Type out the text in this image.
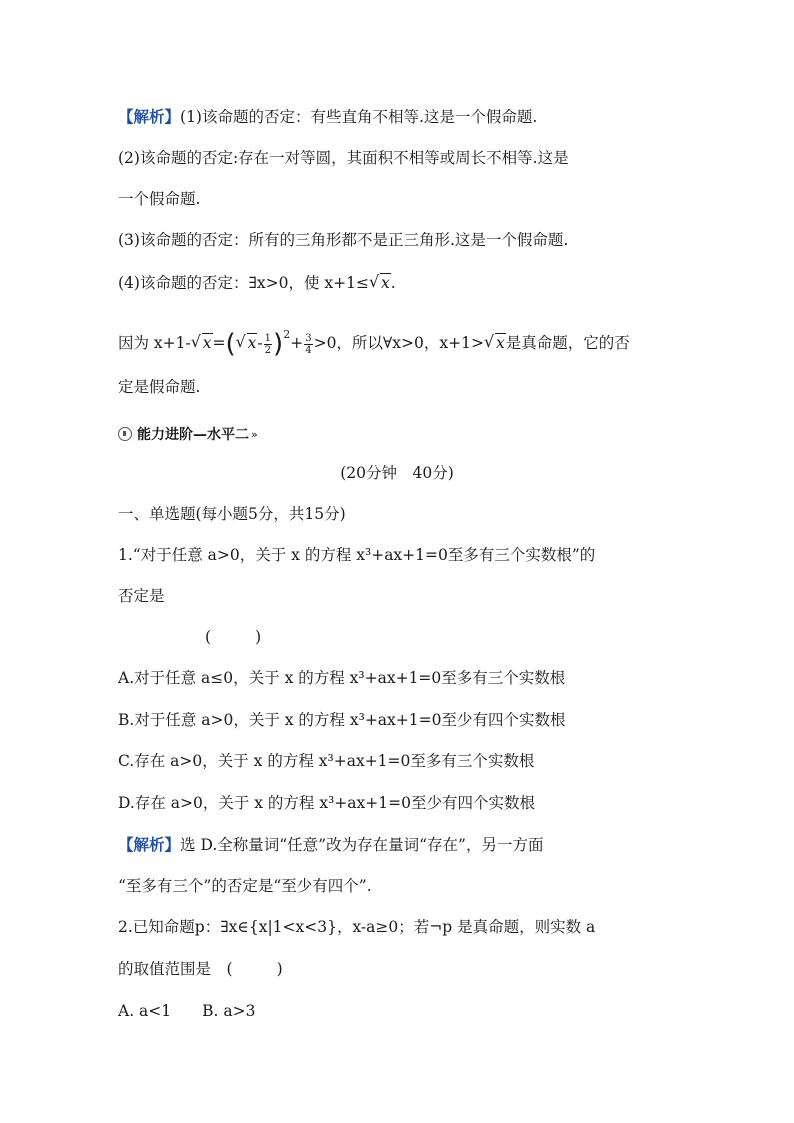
【解析】(1)该命题的否定：有些直角不相等.这是一个假命题.
(2)该命题的否定:存在一对等圆，其面积不相等或周长不相等.这是
一个假命题.
(3)该命题的否定：所有的三角形都不是正三角形.这是一个假命题.
(4)该命题的否定：∃x>0，使 x+1≤ √ x.
因为 x+1- √ x=( √ $x- \frac{1}{2} )^2+ \frac{3}{4} >0$，所以∀x>0，x+1> √ x是真命题，它的否
定是假命题.
能力进阶—水平二 »
(20分钟　40分)
一、单选题(每小题5分，共15分)
1.“对于任意 a>0，关于 x 的方程 x³+ax+1=0至多有三个实数根”的
否定是
(	)
A.对于任意 a≤0，关于 x 的方程 x³+ax+1=0至多有三个实数根
B.对于任意 a>0，关于 x 的方程 x³+ax+1=0至少有四个实数根
C.存在 a>0，关于 x 的方程 x³+ax+1=0至多有三个实数根
D.存在 a>0，关于 x 的方程 x³+ax+1=0至少有四个实数根
【解析】选 D.全称量词“任意”改为存在量词“存在”，另一方面
“至多有三个”的否定是“至少有四个”.
2.已知命题p：∃x∈{x|1<x<3}，x-a≥0；若¬p 是真命题，则实数 a
的取值范围是　 (	)
A. a<1　　B. a>3
